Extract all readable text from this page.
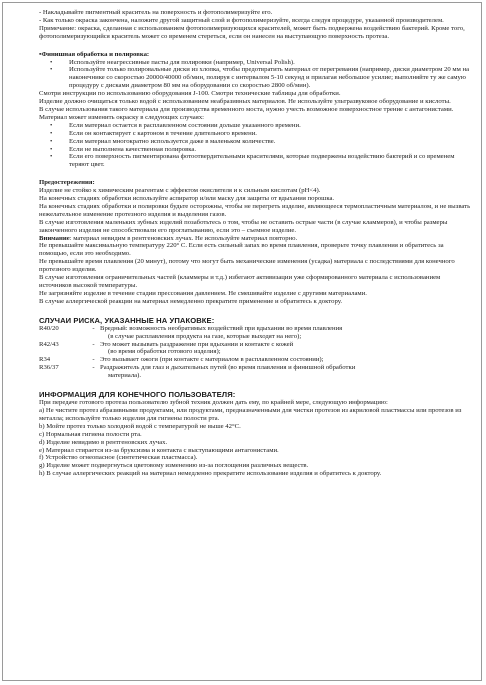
- Накладывайте пигментный краситель на поверхность и фотополимеризуйте его.
- Как только окраска закончена, наложите другой защитный слой и фотополимеризуйте, всегда следуя процедуре, указанной производителем.
Примечание: окраска, сделанная с использованием фотополимеризующихся красителей, может быть подвержена воздействию бактерий. Кроме того, фотополимеризующийся краситель может со временем стереться, если он нанесен на выступающую поверхность протеза.
•Финишная обработка и полировка:
• Используйте неагрессивные пасты для полировки (например, Universal Polish).
• Используйте только полировальные диски из хлопка, чтобы предотвратить материал от перегревания (например, диски диаметром 20 мм на наконечнике со скоростью 20000/40000 об/мин, полируя с интервалом 5-10 секунд и прилагая небольшое усилие; выполняйте ту же самую процедуру с дисками диаметром 80 мм на оборудовании со скоростью 2800 об/мин).
Смотри инструкции по использованию оборудования J-100. Смотри технические таблицы для обработки.
Изделие должно очищаться только водой с использованием неабразивных материалов. Не используйте ультразвуковое оборудование и кислоты.
В случае использования такого материала для производства временного моста, нужно учесть возможное поверхностное трение с антагонистами.
Материал может изменить окраску в следующих случаях:
• Если материал остается в расплавленном состоянии дольше указанного времени.
• Если он контактирует с картоном в течение длительного времени.
• Если материал многократно используется даже в маленьком количестве.
• Если не выполнена качественная полировка.
• Если его поверхность пигментирована фотоотвердительными красителями, которые подвержены воздействию бактерий и со временем теряют цвет.
Предостережения:
Изделие не стойко к химическим реагентам с эффектом окислителя и к сильным кислотам (pH<4).
На конечных стадиях обработки используйте аспиратор и/или маску для защиты от вдыхания порошка.
На конечных стадиях обработки и полировки будьте осторожны, чтобы не перегреть изделие, являющееся термопластичным материалом, и не вызвать нежелательное изменение протезного изделия и выделения газов.
В случае изготовления маленьких зубных изделий позаботьтесь о том, чтобы не оставить острые части (в случае кламмеров), и чтобы размеры законченного изделия не способствовали его проглатыванию, если это – съемное изделие.
Внимание: материал невидим в рентгеновских лучах. Не используйте материал повторно.
Не превышайте максимальную температуру 220° С. Если есть сильный запах во время плавления, проверьте точку плавления и обратитесь за помощью, если это необходимо.
Не превышайте время плавления (20 минут), потому что могут быть механические изменения (усадка) материала с последствиями для конечного протезного изделия.
В случае изготовления ограничительных частей (кламмеры и т.д.) избегают активизации уже сформированного материала с использованием источников высокой температуры.
Не загрязняйте изделие в течение стадии прессования давлением. Не смешивайте изделие с другими материалами.
В случае аллергической реакции на материал немедленно прекратите применение и обратитесь к доктору.
СЛУЧАИ РИСКА, УКАЗАННЫЕ НА УПАКОВКЕ:
R40/20	- Вредный: возможность необратимых воздействий при вдыхании во время плавления
(в случае расплавления продукта на газе, которые выходят на него);
R42/43	- Это может вызывать раздражение при вдыхании и контакте с кожей
(во время обработки готового изделия);
R34	- Это вызывает ожоги (при контакте с материалом в расплавленном состоянии);
R36/37	- Раздражитель для глаз и дыхательных путей (во время плавления и финишной обработки
материала).
ИНФОРМАЦИЯ ДЛЯ КОНЕЧНОГО ПОЛЬЗОВАТЕЛЯ:
При передаче готового протеза пользователю зубной техник должен дать ему, по крайней мере, следующую информацию:
a) Не чистите протез абразивными продуктами, или продуктами, предназначенными для чистки протезов из акриловой пластмассы или протезов из металла; используйте только изделия для гигиены полости рта.
b) Мойте протез только холодной водой с температурой не выше 42°С.
c) Нормальная гигиена полости рта.
d) Изделие невидимо в рентгеновских лучах.
e) Материал стирается из-за бруксизма и контакта с выступающими антагонистами.
f) Устройство огнеопасное (синтетическая пластмасса).
g) Изделие может подвергнуться цветовому изменению из-за поглощения различных веществ.
h) В случае аллергических реакций на материал немедленно прекратите использование изделия и обратитесь к доктору.
